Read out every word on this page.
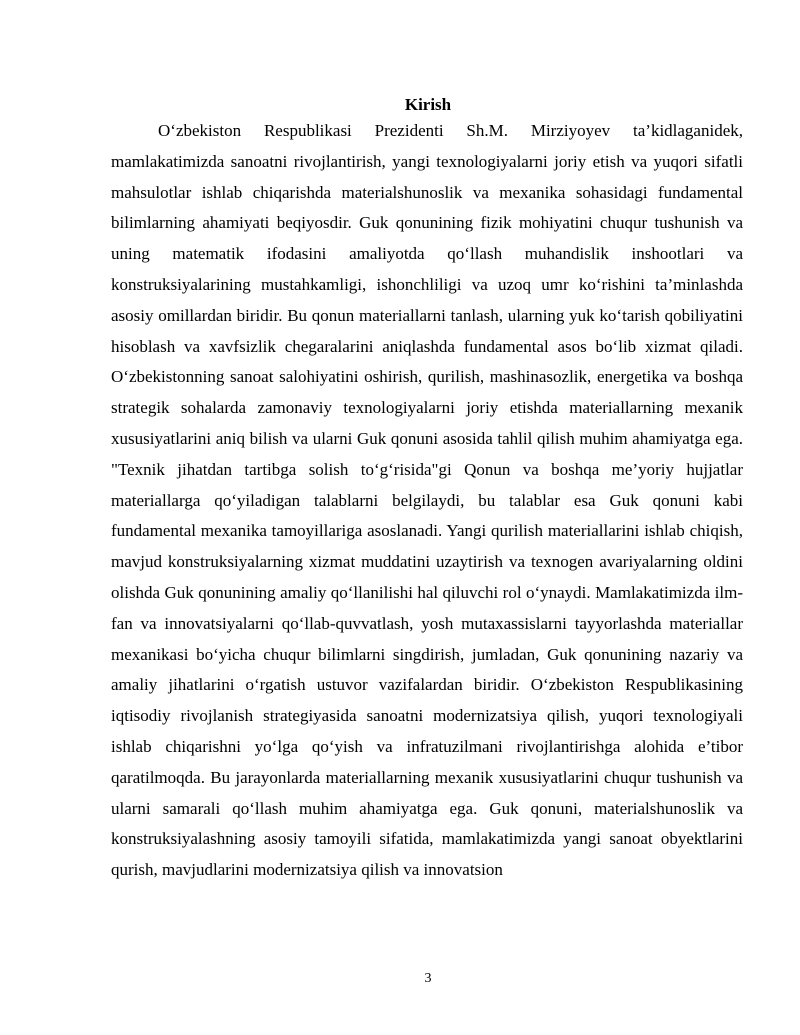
Kirish

O‘zbekiston Respublikasi Prezidenti Sh.M. Mirziyoyev ta’kidlaganidek, mamlakatimizda sanoatni rivojlantirish, yangi texnologiyalarni joriy etish va yuqori sifatli mahsulotlar ishlab chiqarishda materialshunoslik va mexanika sohasidagi fundamental bilimlarning ahamiyati beqiyosdir. Guk qonunining fizik mohiyatini chuqur tushunish va uning matematik ifodasini amaliyotda qo‘llash muhandislik inshootlari va konstruksiyalarining mustahkamligi, ishonchliligi va uzoq umr ko‘rishini ta’minlashda asosiy omillardan biridir. Bu qonun materiallarni tanlash, ularning yuk ko‘tarish qobiliyatini hisoblash va xavfsizlik chegaralarini aniqlashda fundamental asos bo‘lib xizmat qiladi. O‘zbekistonning sanoat salohiyatini oshirish, qurilish, mashinasozlik, energetika va boshqa strategik sohalarda zamonaviy texnologiyalarni joriy etishda materiallarning mexanik xususiyatlarini aniq bilish va ularni Guk qonuni asosida tahlil qilish muhim ahamiyatga ega. "Texnik jihatdan tartibga solish to‘g‘risida"gi Qonun va boshqa me’yoriy hujjatlar materiallarga qo‘yiladigan talablarni belgilaydi, bu talablar esa Guk qonuni kabi fundamental mexanika tamoyillariga asoslanadi. Yangi qurilish materiallarini ishlab chiqish, mavjud konstruksiyalarning xizmat muddatini uzaytirish va texnogen avariyalarning oldini olishda Guk qonunining amaliy qo‘llanilishi hal qiluvchi rol o‘ynaydi. Mamlakatimizda ilm-fan va innovatsiyalarni qo‘llab-quvvatlash, yosh mutaxassislarni tayyorlashda materiallar mexanikasi bo‘yicha chuqur bilimlarni singdirish, jumladan, Guk qonunining nazariy va amaliy jihatlarini o‘rgatish ustuvor vazifalardan biridir. O‘zbekiston Respublikasining iqtisodiy rivojlanish strategiyasida sanoatni modernizatsiya qilish, yuqori texnologiyali ishlab chiqarishni yo‘lga qo‘yish va infratuzilmani rivojlantirishga alohida e’tibor qaratilmoqda. Bu jarayonlarda materiallarning mexanik xususiyatlarini chuqur tushunish va ularni samarali qo‘llash muhim ahamiyatga ega. Guk qonuni, materialshunoslik va konstruksiyalashning asosiy tamoyili sifatida, mamlakatimizda yangi sanoat obyektlarini qurish, mavjudlarini modernizatsiya qilish va innovatsion

3
